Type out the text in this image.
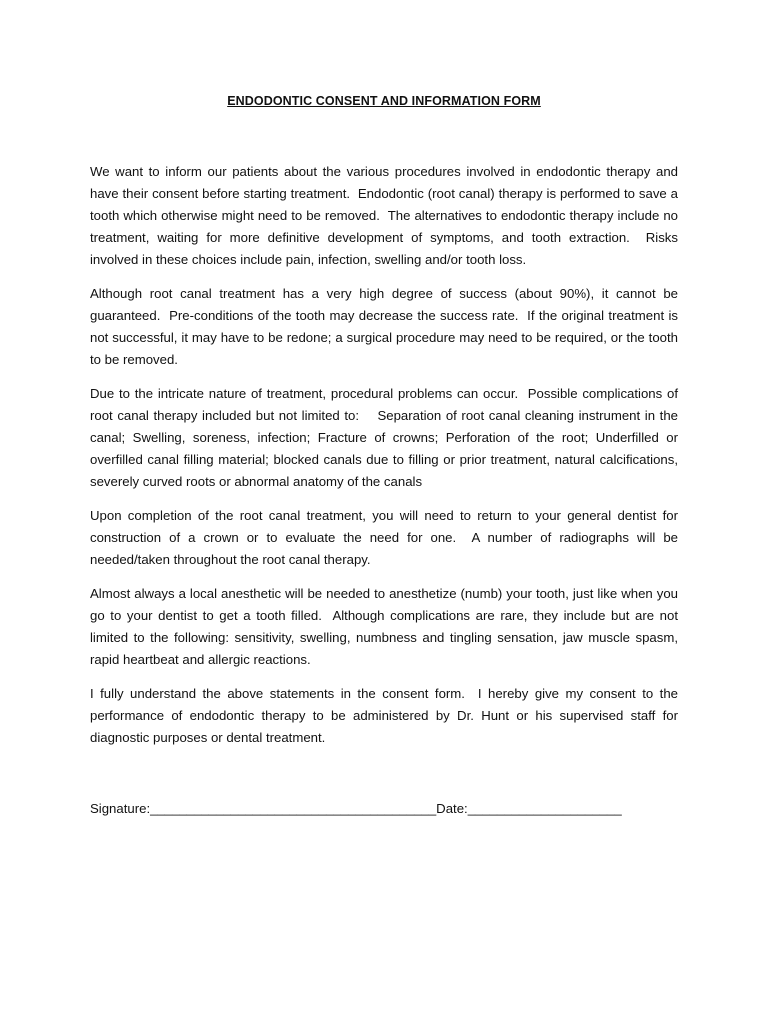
ENDODONTIC CONSENT AND INFORMATION FORM

We want to inform our patients about the various procedures involved in endodontic therapy and have their consent before starting treatment.  Endodontic (root canal) therapy is performed to save a tooth which otherwise might need to be removed.  The alternatives to endodontic therapy include no treatment, waiting for more definitive development of symptoms, and tooth extraction.  Risks involved in these choices include pain, infection, swelling and/or tooth loss.

Although root canal treatment has a very high degree of success (about 90%), it cannot be guaranteed.  Pre-conditions of the tooth may decrease the success rate.  If the original treatment is not successful, it may have to be redone; a surgical procedure may need to be required, or the tooth to be removed.

Due to the intricate nature of treatment, procedural problems can occur.  Possible complications of root canal therapy included but not limited to:    Separation of root canal cleaning instrument in the canal; Swelling, soreness, infection; Fracture of crowns; Perforation of the root; Underfilled or overfilled canal filling material; blocked canals due to filling or prior treatment, natural calcifications, severely curved roots or abnormal anatomy of the canals

Upon completion of the root canal treatment, you will need to return to your general dentist for construction of a crown or to evaluate the need for one.  A number of radiographs will be needed/taken throughout the root canal therapy.

Almost always a local anesthetic will be needed to anesthetize (numb) your tooth, just like when you go to your dentist to get a tooth filled.  Although complications are rare, they include but are not limited to the following: sensitivity, swelling, numbness and tingling sensation, jaw muscle spasm, rapid heartbeat and allergic reactions.

I fully understand the above statements in the consent form.  I hereby give my consent to the performance of endodontic therapy to be administered by Dr. Hunt or his supervised staff for diagnostic purposes or dental treatment.

Signature:_______________________________________Date:_____________________
